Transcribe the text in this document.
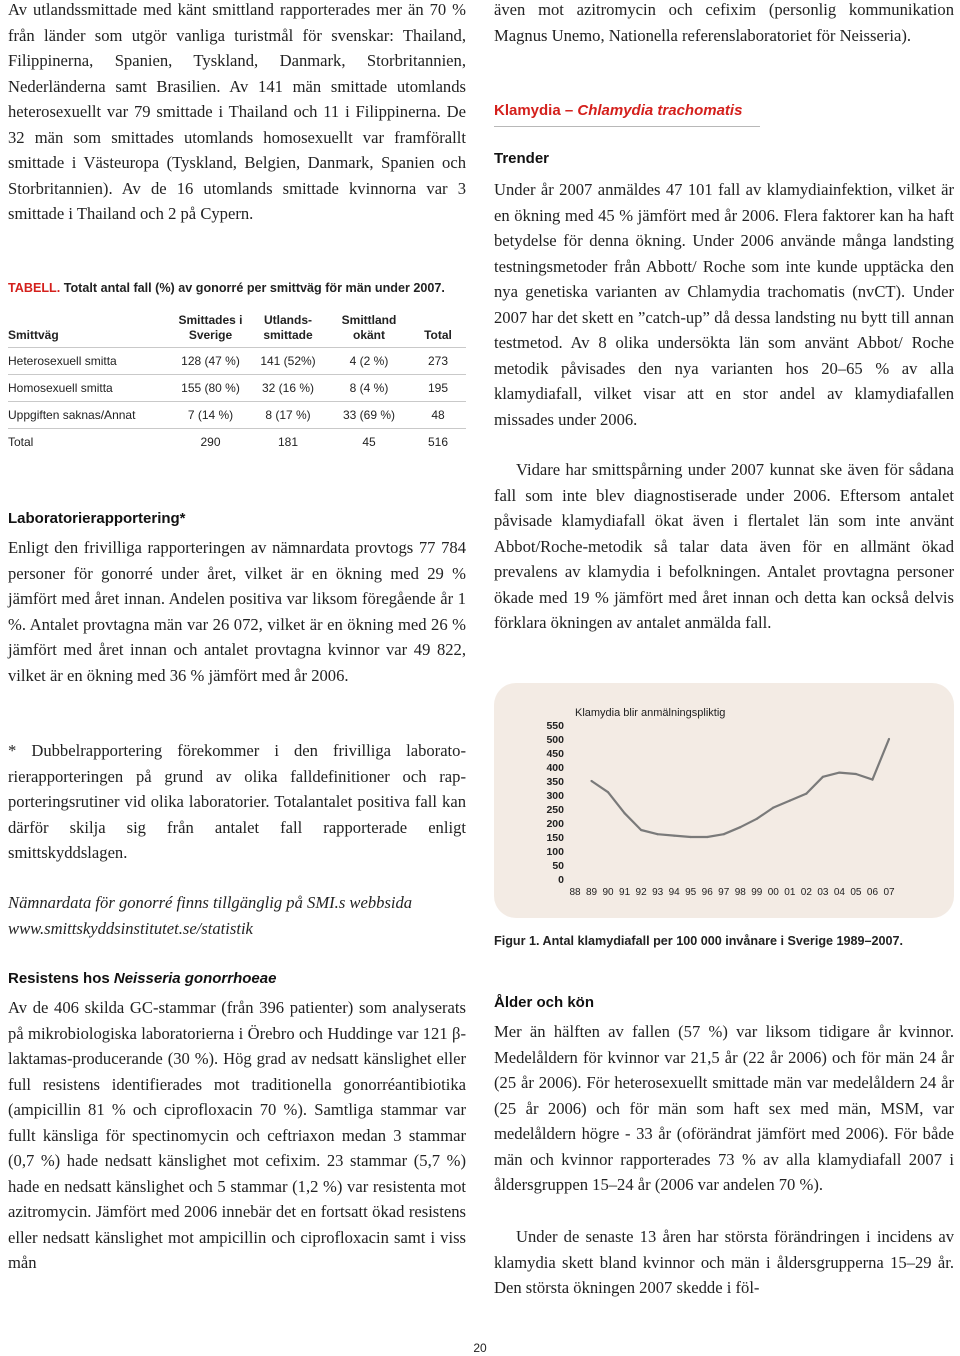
Av utlandssmittade med känt smittland rapporterades mer än 70 % från länder som utgör vanliga turistmål för svenskar: Thailand, Filippinerna, Spanien, Tyskland, Danmark, Storbritannien, Nederländerna samt Brasilien. Av 141 män smittade utomlands heterosexuellt var 79 smittade i Thailand och 11 i Filippinerna. De 32 män som smittades utomlands homosexuellt var framförallt smittade i Västeuropa (Tyskland, Belgien, Danmark, Spanien och Storbritannien). Av de 16 utomlands smittade kvinnorna var 3 smittade i Thailand och 2 på Cypern.

TABELL. Totalt antal fall (%) av gonorré per smittväg för män under 2007.

Smittväg	Smittades i Sverige	Utlands- smittade	Smittland okänt	Total
Heterosexuell smitta	128 (47 %)	141 (52%)	4 (2 %)	273
Homosexuell smitta	155 (80 %)	32 (16 %)	8 (4 %)	195
Uppgiften saknas/Annat	7 (14 %)	8 (17 %)	33 (69 %)	48
Total	290	181	45	516
Laboratorierapportering*

Enligt den frivilliga rapporteringen av nämnardata provtogs 77 784 personer för gonorré under året, vilket är en ökning med 29 % jämfört med året innan. Andelen positiva var liksom föregående år 1 %. Antalet provtagna män var 26 072, vilket är en ökning med 26 % jämfört med året innan och antalet provtagna kvinnor var 49 822, vilket är en ökning med 36 % jämfört med år 2006.

* Dubbelrapportering förekommer i den frivilliga laboratorierapporteringen på grund av olika falldefinitioner och rapporteringsrutiner vid olika laboratorier. Totalantalet positiva fall kan därför skilja sig från antalet fall rapporterade enligt smittskyddslagen.

Nämnardata för gonorré finns tillgänglig på SMI.s webbsida www.smittskyddsinstitutet.se/statistik

Resistens hos Neisseria gonorrhoeae

Av de 406 skilda GC-stammar (från 396 patienter) som analyserats på mikrobiologiska laboratorierna i Örebro och Huddinge var 121 β-laktamas-producerande (30 %). Hög grad av nedsatt känslighet eller full resistens identifierades mot traditionella gonorréantibiotika (ampicillin 81 % och ciprofloxacin 70 %). Samtliga stammar var fullt känsliga för spectinomycin och ceftriaxon medan 3 stammar (0,7 %) hade nedsatt känslighet mot cefixim. 23 stammar (5,7 %) hade en nedsatt känslighet och 5 stammar (1,2 %) var resistenta mot azitromycin. Jämfört med 2006 innebär det en fortsatt ökad resistens eller nedsatt känslighet mot ampicillin och ciprofloxacin samt i viss mån

även mot azitromycin och cefixim (personlig kommunikation Magnus Unemo, Nationella referenslaboratoriet för Neisseria).

Klamydia – Chlamydia trachomatis
Trender

Under år 2007 anmäldes 47 101 fall av klamydiainfektion, vilket är en ökning med 45 % jämfört med år 2006. Flera faktorer kan ha haft betydelse för denna ökning. Under 2006 använde många landsting testningsmetoder från Abbott/ Roche som inte kunde upptäcka den nya genetiska varianten av Chlamydia trachomatis (nvCT). Under 2007 har det skett en ”catch-up” då dessa landsting nu bytt till annan testmetod. Av 8 olika undersökta län som använt Abbot/ Roche metodik påvisades den nya varianten hos 20–65 % av alla klamydiafall, vilket visar att en stor andel av klamydiafallen missades under 2006.

Vidare har smittspårning under 2007 kunnat ske även för sådana fall som inte blev diagnostiserade under 2006. Eftersom antalet påvisade klamydiafall ökat även i flertalet län som inte använt Abbot/Roche-metodik så talar data även för en allmänt ökad prevalens av klamydia i befolkningen. Antalet provtagna personer ökade med 19 % jämfört med året innan och detta kan också delvis förklara ökningen av antalet anmälda fall.

550
500
450
400
350
300
250
200
150
100
50
0
88 89 90 91 92 93 94 95 96 97 98 99 00 01 02 03 04 05 06 07
Klamydia blir anmälningspliktig
Figur 1. Antal klamydiafall per 100 000 invånare i Sverige 1989–2007.
Ålder och kön

Mer än hälften av fallen (57 %) var liksom tidigare år kvinnor. Medelåldern för kvinnor var 21,5 år (22 år 2006) och för män 24 år (25 år 2006). För heterosexuellt smittade män var medelåldern 24 år (25 år 2006) och för män som haft sex med män, MSM, var medelåldern högre - 33 år (oförändrat jämfört med 2006). För både män och kvinnor rapporterades 73 % av alla klamydiafall 2007 i åldersgruppen 15–24 år (2006 var andelen 70 %).

Under de senaste 13 åren har största förändringen i incidens av klamydia skett bland kvinnor och män i åldersgrupperna 15–29 år. Den största ökningen 2007 skedde i föl-

20
